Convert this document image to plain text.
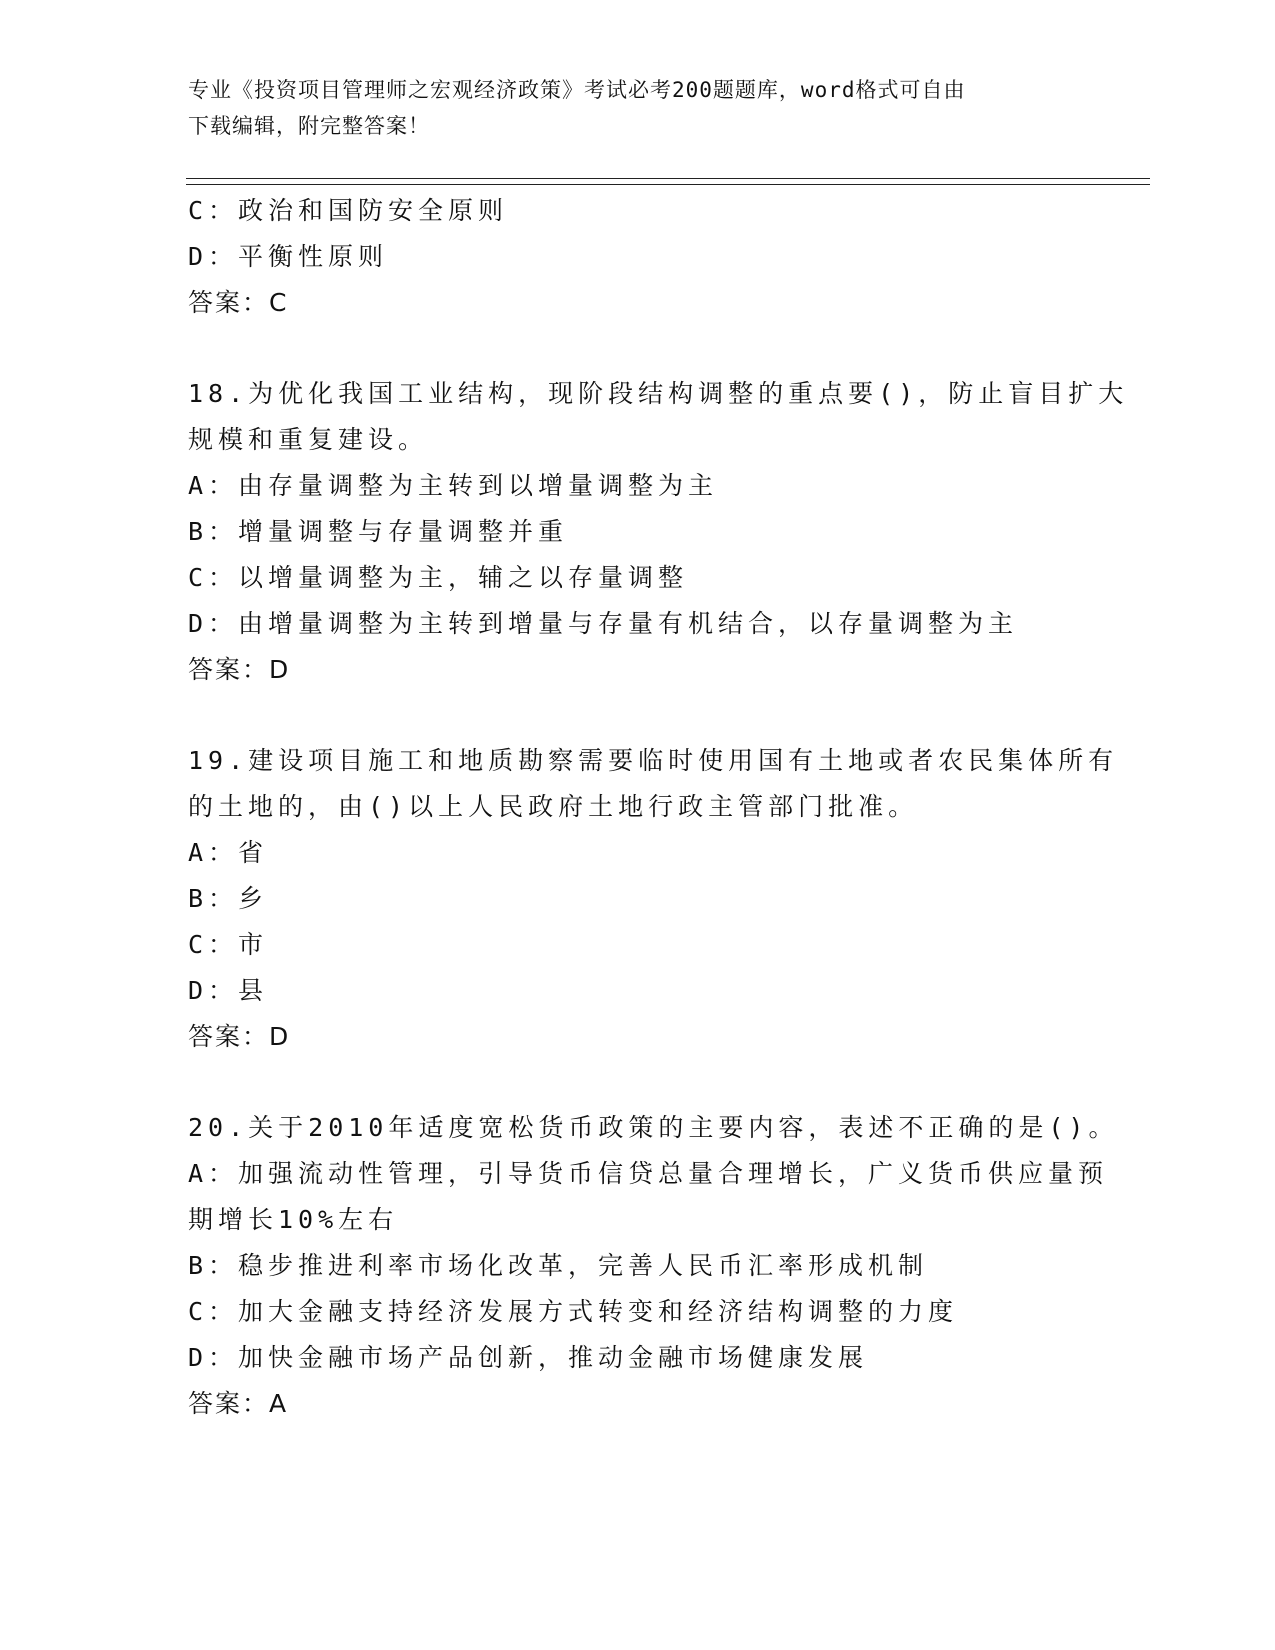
专业《投资项目管理师之宏观经济政策》考试必考200题题库，word格式可自由
下载编辑，附完整答案！
C：政治和国防安全原则
D：平衡性原则
答案：C
18.为优化我国工业结构，现阶段结构调整的重点要()，防止盲目扩大
规模和重复建设。
A：由存量调整为主转到以增量调整为主
B：增量调整与存量调整并重
C：以增量调整为主，辅之以存量调整
D：由增量调整为主转到增量与存量有机结合，以存量调整为主
答案：D
19.建设项目施工和地质勘察需要临时使用国有土地或者农民集体所有
的土地的，由()以上人民政府土地行政主管部门批准。
A：省
B：乡
C：市
D：县
答案：D
20.关于2010年适度宽松货币政策的主要内容，表述不正确的是()。
A：加强流动性管理，引导货币信贷总量合理增长，广义货币供应量预
期增长10%左右
B：稳步推进利率市场化改革，完善人民币汇率形成机制
C：加大金融支持经济发展方式转变和经济结构调整的力度
D：加快金融市场产品创新，推动金融市场健康发展
答案：A
